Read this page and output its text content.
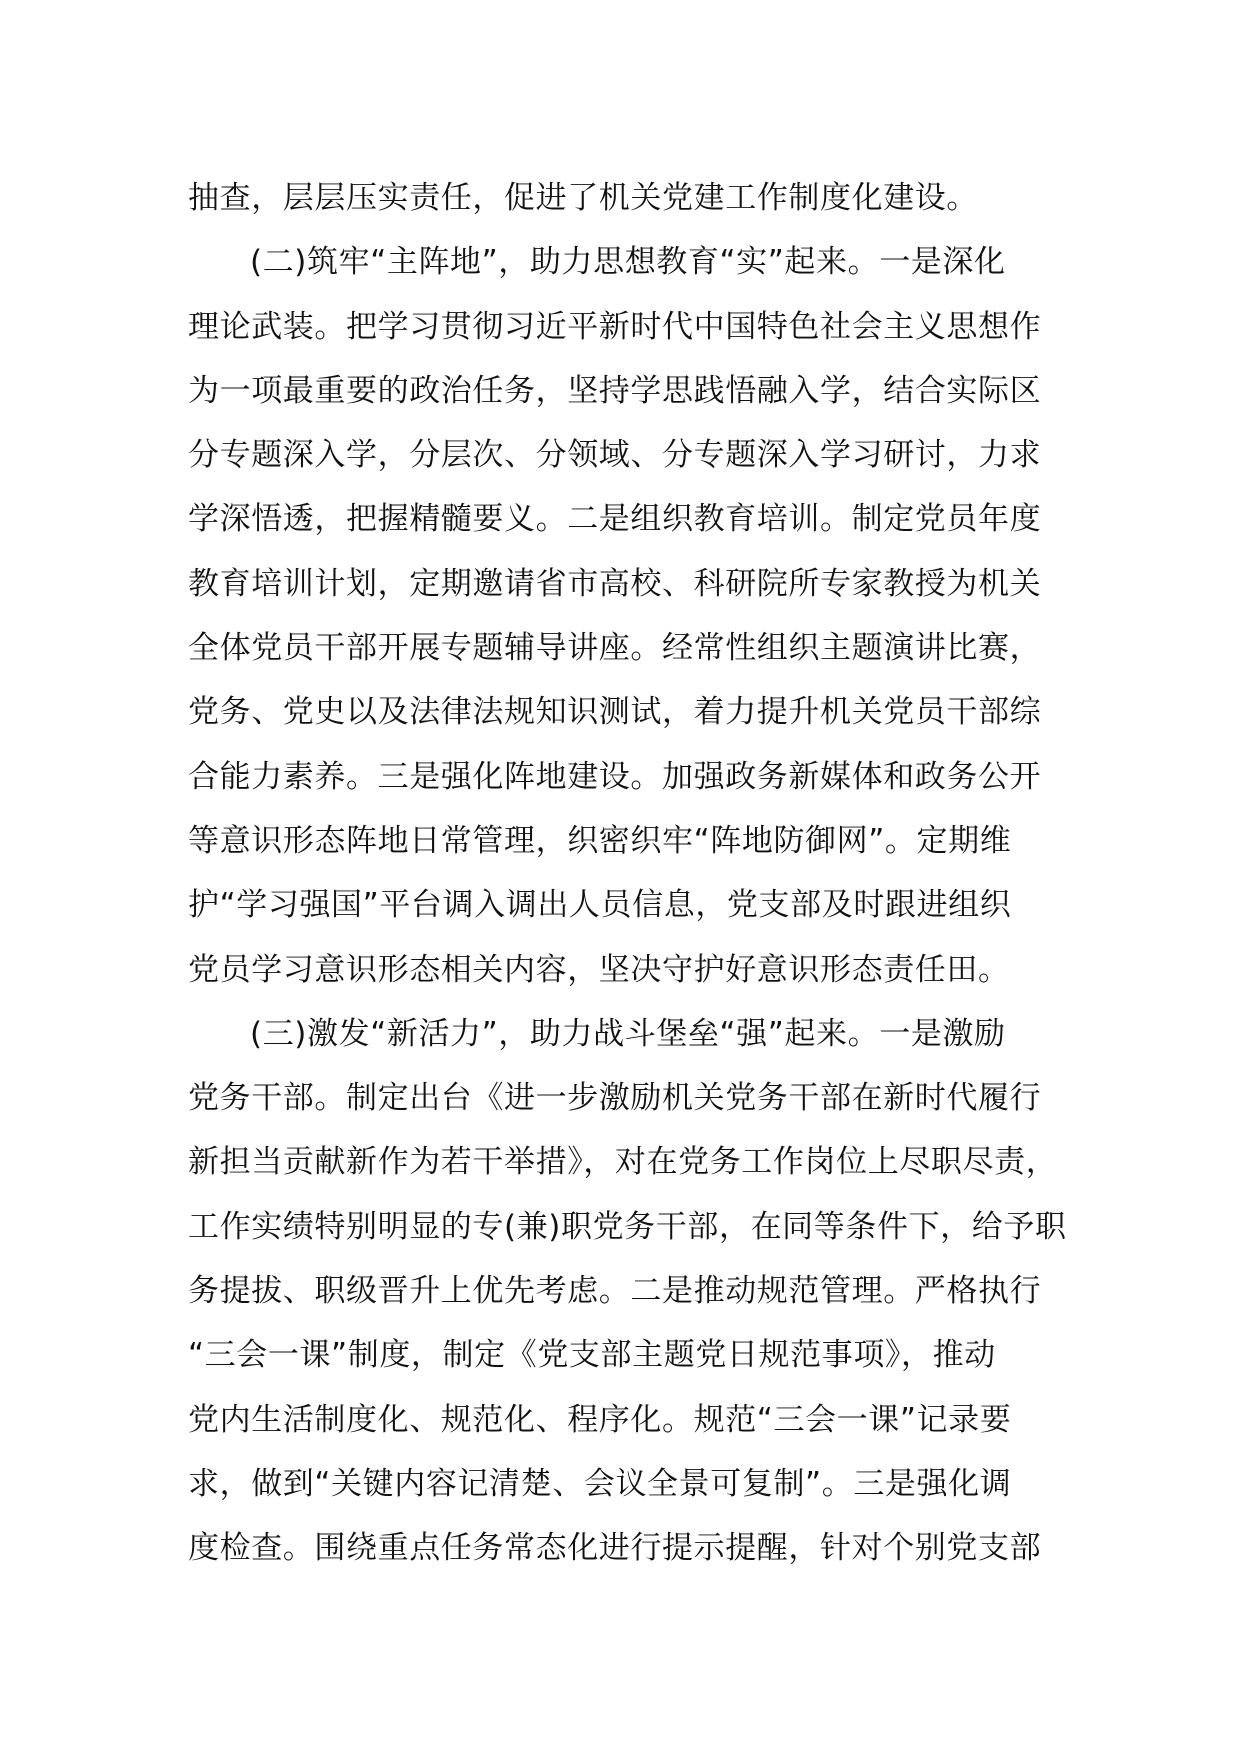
抽查，层层压实责任，促进了机关党建工作制度化建设。
(二)筑牢“主阵地”，助力思想教育“实”起来。一是深化
理论武装。把学习贯彻习近平新时代中国特色社会主义思想作
为一项最重要的政治任务，坚持学思践悟融入学，结合实际区
分专题深入学，分层次、分领域、分专题深入学习研讨，力求
学深悟透，把握精髓要义。二是组织教育培训。制定党员年度
教育培训计划，定期邀请省市高校、科研院所专家教授为机关
全体党员干部开展专题辅导讲座。经常性组织主题演讲比赛，
党务、党史以及法律法规知识测试，着力提升机关党员干部综
合能力素养。三是强化阵地建设。加强政务新媒体和政务公开
等意识形态阵地日常管理，织密织牢“阵地防御网”。定期维
护“学习强国”平台调入调出人员信息，党支部及时跟进组织
党员学习意识形态相关内容，坚决守护好意识形态责任田。
(三)激发“新活力”，助力战斗堡垒“强”起来。一是激励
党务干部。制定出台《进一步激励机关党务干部在新时代履行
新担当贡献新作为若干举措》，对在党务工作岗位上尽职尽责，
工作实绩特别明显的专(兼)职党务干部，在同等条件下，给予职
务提拔、职级晋升上优先考虑。二是推动规范管理。严格执行
“三会一课”制度，制定《党支部主题党日规范事项》，推动
党内生活制度化、规范化、程序化。规范“三会一课”记录要
求，做到“关键内容记清楚、会议全景可复制”。三是强化调
度检查。围绕重点任务常态化进行提示提醒，针对个别党支部
